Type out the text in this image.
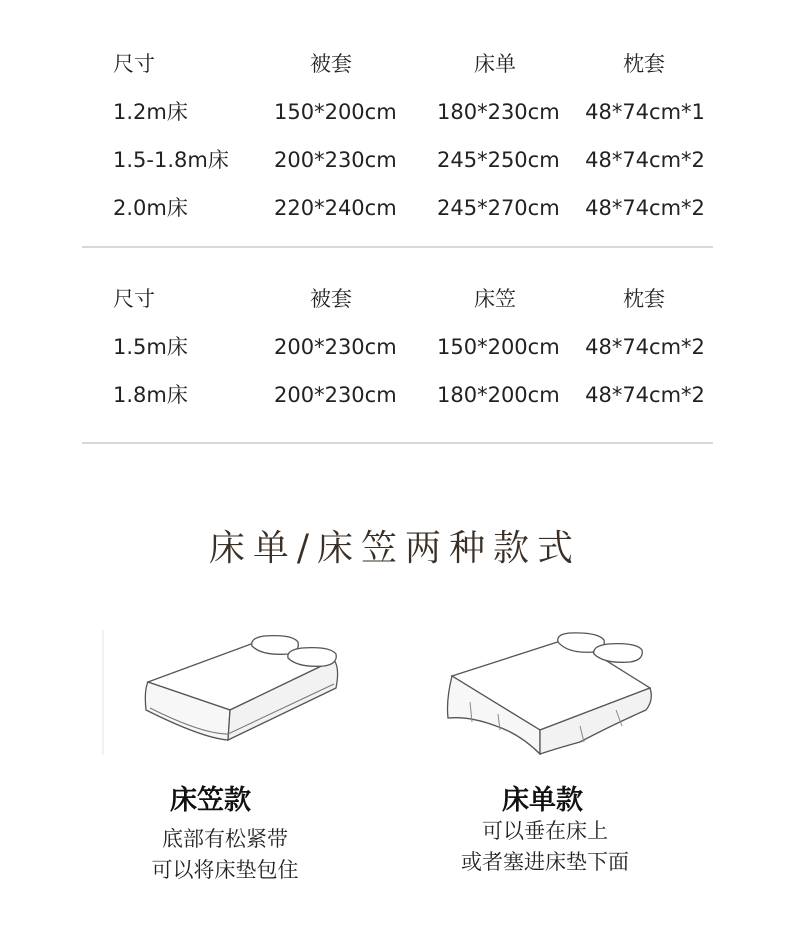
尺寸	被套	床单	枕套
1.2m床	150*200cm 180*230cm 48*74cm*1
1.5-1.8m床 200*230cm 245*250cm 48*74cm*2
2.0m床	220*240cm 245*270cm 48*74cm*2
尺寸	被套	床笠	枕套
1.5m床	200*230cm 150*200cm 48*74cm*2
1.8m床	200*230cm 180*200cm 48*74cm*2
床单/床笠两种款式
床笠款
底部有松紧带
可以将床垫包住
床单款
可以垂在床上
或者塞进床垫下面
